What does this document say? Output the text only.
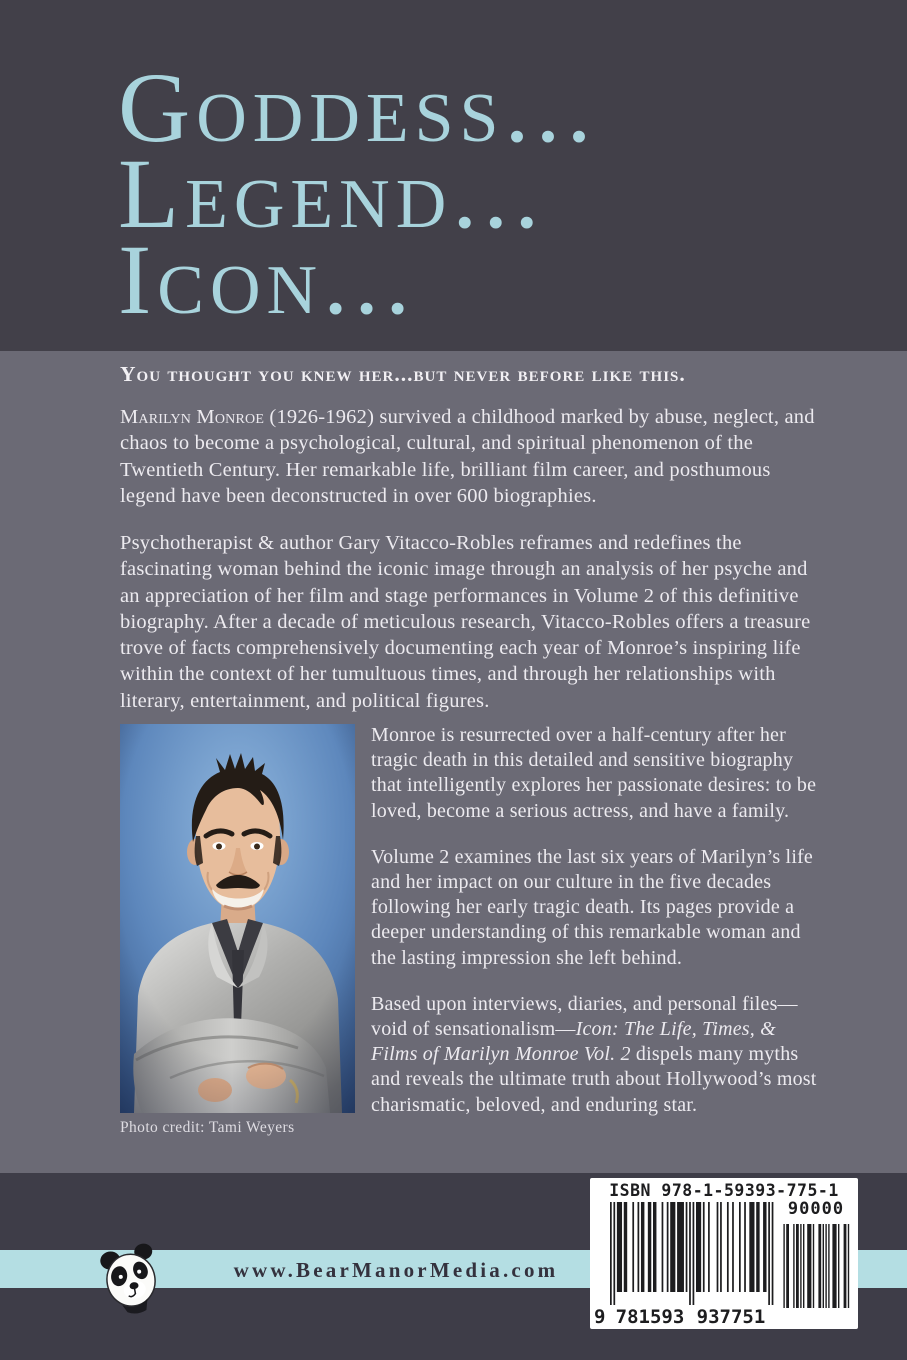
Goddess...
Legend...
Icon...

You thought you knew her...but never before like this.

Marilyn Monroe (1926-1962) survived a childhood marked by abuse, neglect, and chaos to become a psychological, cultural, and spiritual phenomenon of the Twentieth Century. Her remarkable life, brilliant film career, and posthumous legend have been deconstructed in over 600 biographies.

Psychotherapist & author Gary Vitacco-Robles reframes and redefines the fascinating woman behind the iconic image through an analysis of her psyche and an appreciation of her film and stage performances in Volume 2 of this definitive biography. After a decade of meticulous research, Vitacco-Robles offers a treasure trove of facts comprehensively documenting each year of Monroe’s inspiring life within the context of her tumultuous times, and through her relationships with literary, entertainment, and political figures.

Photo credit: Tami Weyers

Monroe is resurrected over a half-century after her tragic death in this detailed and sensitive biography that intelligently explores her passionate desires: to be loved, become a serious actress, and have a family.

Volume 2 examines the last six years of Marilyn’s life and her impact on our culture in the five decades following her early tragic death. Its pages provide a deeper understanding of this remarkable woman and the lasting impression she left behind.

Based upon interviews, diaries, and personal files—void of sensationalism—Icon: The Life, Times, & Films of Marilyn Monroe Vol. 2 dispels many myths and reveals the ultimate truth about Hollywood’s most charismatic, beloved, and enduring star.

www.BearManorMedia.com
ISBN 978-1-59393-775-1
90000
9 781593 937751
